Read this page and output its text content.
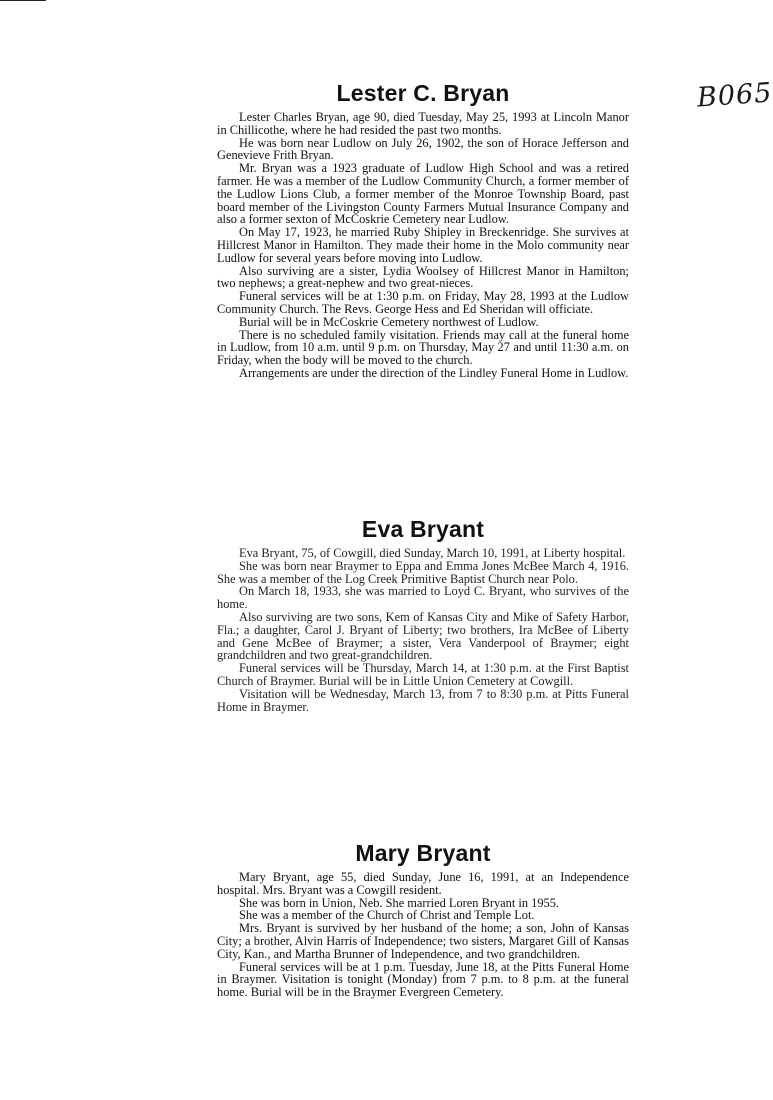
B065
Lester C. Bryan

Lester Charles Bryan, age 90, died Tuesday, May 25, 1993 at Lincoln Manor in Chillicothe, where he had resided the past two months.

He was born near Ludlow on July 26, 1902, the son of Horace Jefferson and Genevieve Frith Bryan.

Mr. Bryan was a 1923 graduate of Ludlow High School and was a retired farmer. He was a member of the Ludlow Community Church, a former member of the Ludlow Lions Club, a former member of the Monroe Township Board, past board member of the Livingston County Farmers Mutual Insurance Company and also a former sexton of McCoskrie Cemetery near Ludlow.

On May 17, 1923, he married Ruby Shipley in Breckenridge. She survives at Hillcrest Manor in Hamilton. They made their home in the Molo community near Ludlow for several years before moving into Ludlow.

Also surviving are a sister, Lydia Woolsey of Hillcrest Manor in Hamilton; two nephews; a great-nephew and two great-nieces.

Funeral services will be at 1:30 p.m. on Friday, May 28, 1993 at the Ludlow Community Church. The Revs. George Hess and Ed Sheridan will officiate.

Burial will be in McCoskrie Cemetery northwest of Ludlow.

There is no scheduled family visitation. Friends may call at the funeral home in Ludlow, from 10 a.m. until 9 p.m. on Thursday, May 27 and until 11:30 a.m. on Friday, when the body will be moved to the church.

Arrangements are under the direction of the Lindley Funeral Home in Ludlow.

Eva Bryant

Eva Bryant, 75, of Cowgill, died Sunday, March 10, 1991, at Liberty hospital.

She was born near Braymer to Eppa and Emma Jones McBee March 4, 1916. She was a member of the Log Creek Primitive Baptist Church near Polo.

On March 18, 1933, she was married to Loyd C. Bryant, who survives of the home.

Also surviving are two sons, Kem of Kansas City and Mike of Safety Harbor, Fla.; a daughter, Carol J. Bryant of Liberty; two brothers, Ira McBee of Liberty and Gene McBee of Braymer; a sister, Vera Vanderpool of Braymer; eight grandchildren and two great-grandchildren.

Funeral services will be Thursday, March 14, at 1:30 p.m. at the First Baptist Church of Braymer. Burial will be in Little Union Cemetery at Cowgill.

Visitation will be Wednesday, March 13, from 7 to 8:30 p.m. at Pitts Funeral Home in Braymer.

Mary Bryant

Mary Bryant, age 55, died Sunday, June 16, 1991, at an Independence hospital. Mrs. Bryant was a Cowgill resident.

She was born in Union, Neb. She married Loren Bryant in 1955.

She was a member of the Church of Christ and Temple Lot.

Mrs. Bryant is survived by her husband of the home; a son, John of Kansas City; a brother, Alvin Harris of Independence; two sisters, Margaret Gill of Kansas City, Kan., and Martha Brunner of Independence, and two grandchildren.

Funeral services will be at 1 p.m. Tuesday, June 18, at the Pitts Funeral Home in Braymer. Visitation is tonight (Monday) from 7 p.m. to 8 p.m. at the funeral home. Burial will be in the Braymer Evergreen Cemetery.
